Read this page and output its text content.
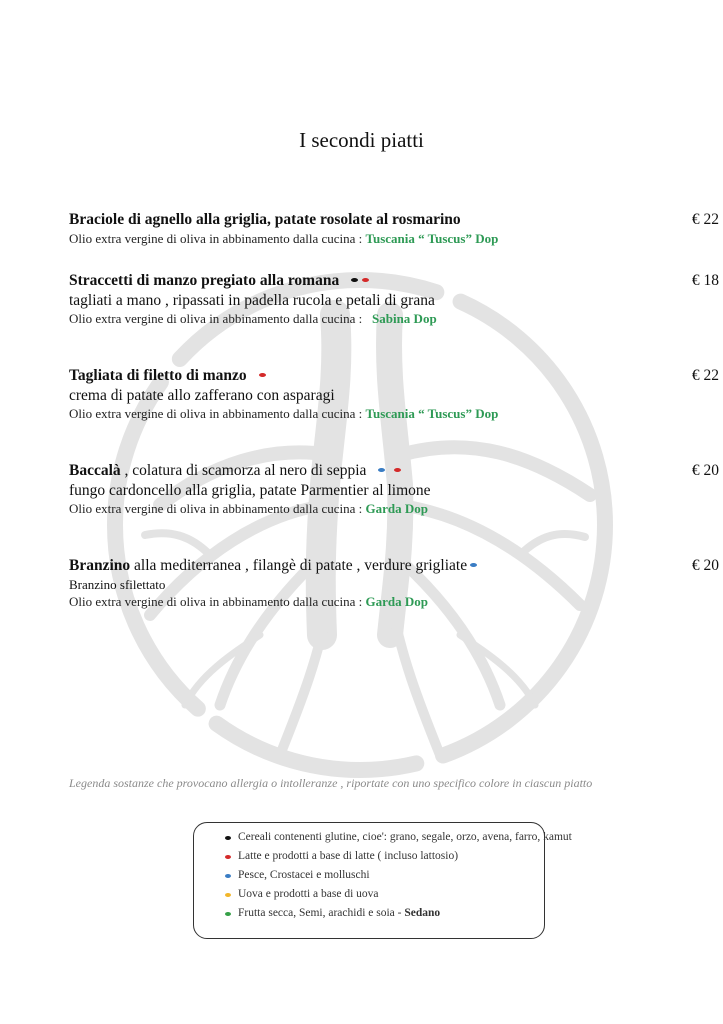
I secondi piatti
Braciole di agnello alla griglia, patate rosolate al rosmarino
Olio extra vergine di oliva in abbinamento dalla cucina : Tuscania “ Tuscus” Dop
€ 22
Straccetti di manzo pregiato alla romana
tagliati a mano , ripassati in padella rucola e petali di grana
Olio extra vergine di oliva in abbinamento dalla cucina : Sabina Dop
€ 18
Tagliata di filetto di manzo
crema di patate allo zafferano con asparagi
Olio extra vergine di oliva in abbinamento dalla cucina : Tuscania “ Tuscus” Dop
€ 22
Baccalà , colatura di scamorza al nero di seppia
fungo cardoncello alla griglia, patate Parmentier al limone
Olio extra vergine di oliva in abbinamento dalla cucina : Garda Dop
€ 20
Branzino alla mediterranea , filangè di patate , verdure grigliate
Branzino sfilettato
Olio extra vergine di oliva in abbinamento dalla cucina : Garda Dop
€ 20
Legenda sostanze che provocano allergia o intolleranze , riportate con uno specifico colore in ciascun piatto
Cereali contenenti glutine, cioe': grano, segale, orzo, avena, farro, kamut
Latte e prodotti a base di latte ( incluso lattosio)
Pesce, Crostacei e molluschi
Uova e prodotti a base di uova
Frutta secca, Semi, arachidi e soia - Sedano
